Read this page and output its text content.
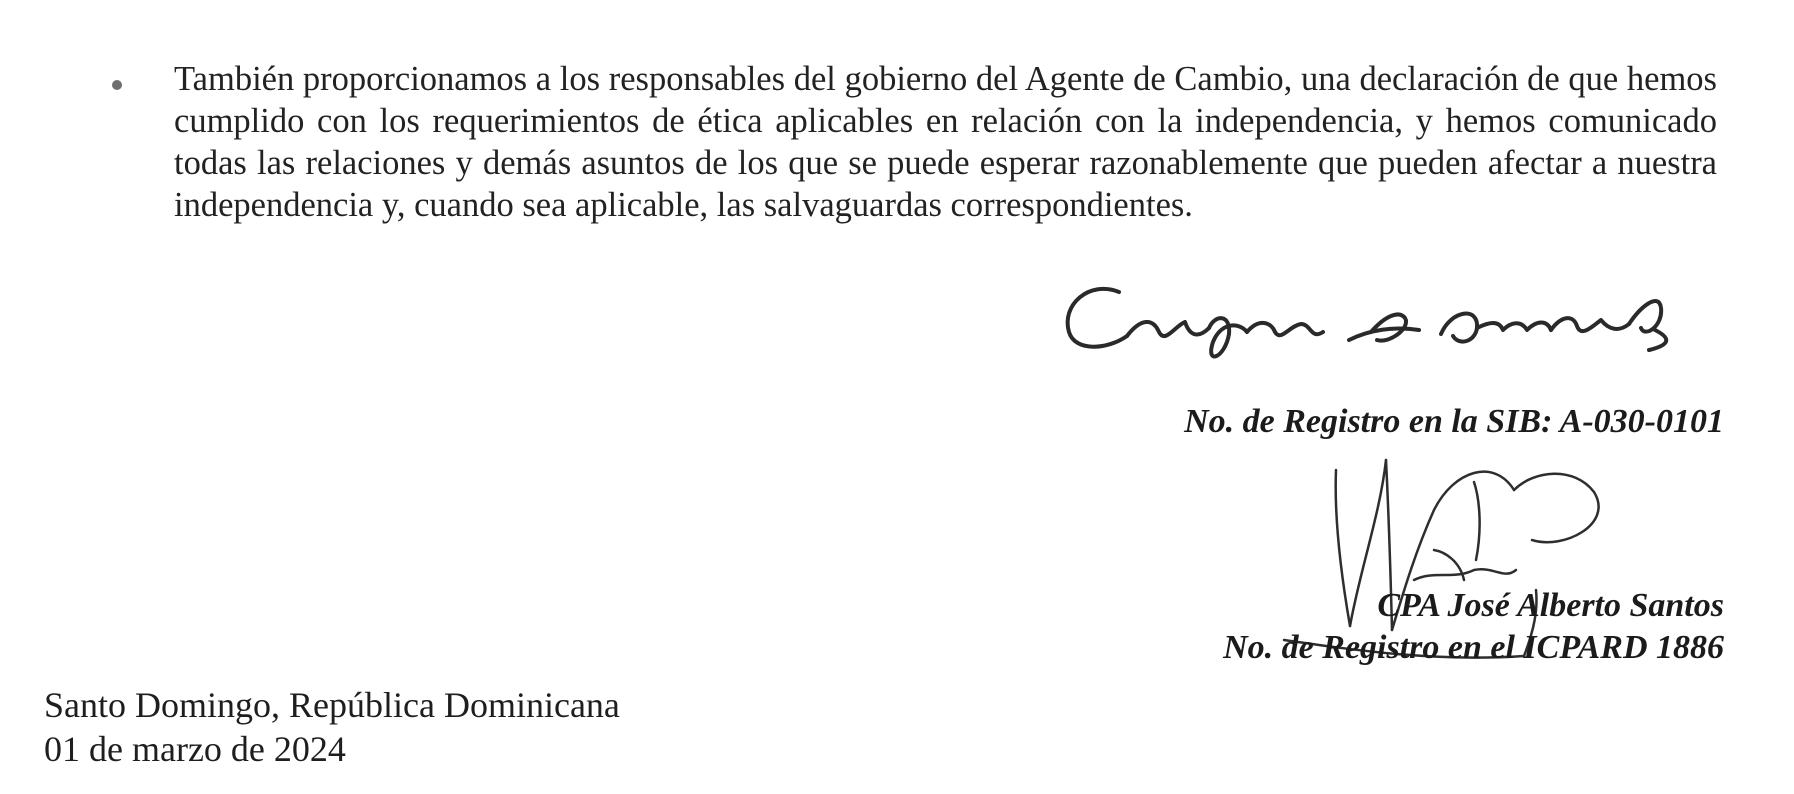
También proporcionamos a los responsables del gobierno del Agente de Cambio, una declaración de que hemos cumplido con los requerimientos de ética aplicables en relación con la independencia, y hemos comunicado todas las relaciones y demás asuntos de los que se puede esperar razonablemente que pueden afectar a nuestra independencia y, cuando sea aplicable, las salvaguardas correspondientes.
No. de Registro en la SIB: A-030-0101
CPA José Alberto Santos
No. de Registro en el ICPARD 1886
Santo Domingo, República Dominicana
01 de marzo de 2024
